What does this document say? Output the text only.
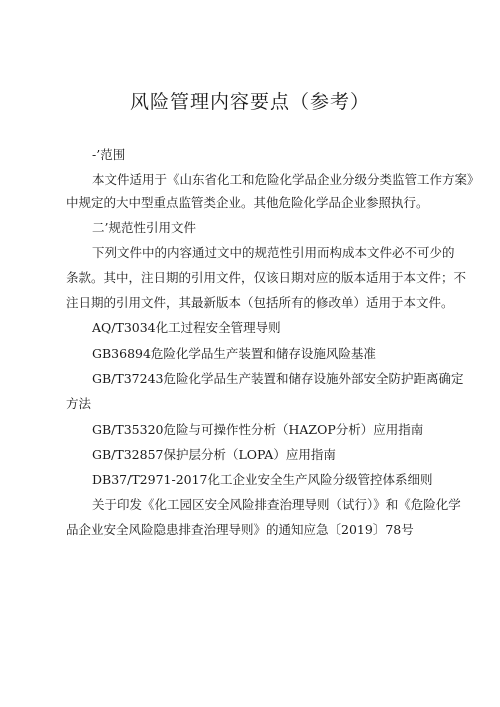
风险管理内容要点（参考）
-’范围
本文件适用于《山东省化工和危险化学品企业分级分类监管工作方案》
中规定的大中型重点监管类企业。其他危险化学品企业参照执行。
二’规范性引用文件
下列文件中的内容通过文中的规范性引用而构成本文件必不可少的
条款。其中，注日期的引用文件，仅该日期对应的版本适用于本文件；不
注日期的引用文件，其最新版本（包括所有的修改单）适用于本文件。
AQ/T3034化工过程安全管理导则
GB36894危险化学品生产装置和储存设施风险基准
GB/T37243危险化学品生产装置和储存设施外部安全防护距离确定
方法
GB/T35320危险与可操作性分析（HAZOP分析）应用指南
GB/T32857保护层分析（LOPA）应用指南
DB37/T2971-2017化工企业安全生产风险分级管控体系细则
关于印发《化工园区安全风险排查治理导则（试行）》和《危险化学
品企业安全风险隐患排查治理导则》的通知应急〔2019〕78号
